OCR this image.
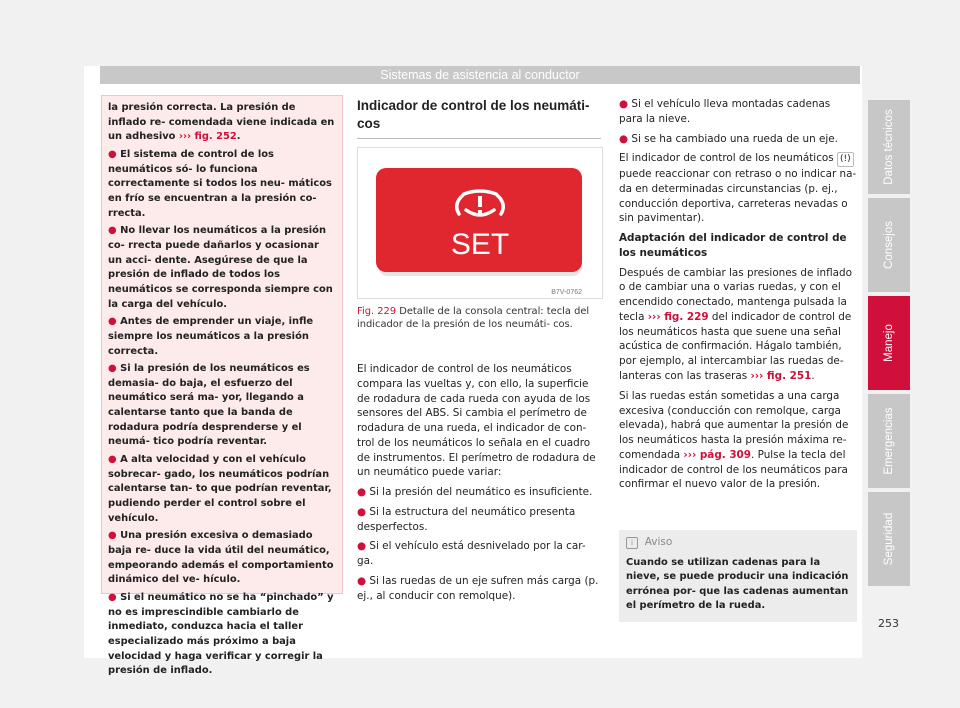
Sistemas de asistencia al conductor

la presión correcta. La presión de inflado re- comendada viene indicada en un adhesivo ››› fig. 252.

● El sistema de control de los neumáticos só- lo funciona correctamente si todos los neu- máticos en frío se encuentran a la presión co- rrecta.

● No llevar los neumáticos a la presión co- rrecta puede dañarlos y ocasionar un acci- dente. Asegúrese de que la presión de inflado de todos los neumáticos se corresponda siempre con la carga del vehículo.

● Antes de emprender un viaje, infle siempre los neumáticos a la presión correcta.

● Si la presión de los neumáticos es demasia- do baja, el esfuerzo del neumático será ma- yor, llegando a calentarse tanto que la banda de rodadura podría desprenderse y el neumá- tico podría reventar.

● A alta velocidad y con el vehículo sobrecar- gado, los neumáticos podrían calentarse tan- to que podrían reventar, pudiendo perder el control sobre el vehículo.

● Una presión excesiva o demasiado baja re- duce la vida útil del neumático, empeorando además el comportamiento dinámico del ve- hículo.

● Si el neumático no se ha “pinchado” y no es imprescindible cambiarlo de inmediato, conduzca hacia el taller especializado más próximo a baja velocidad y haga verificar y corregir la presión de inflado.

Indicador de control de los neumáti- cos

SET
B7V-0762
Fig. 229 Detalle de la consola central: tecla del indicador de la presión de los neumáti- cos.

El indicador de control de los neumáticos compara las vueltas y, con ello, la superficie de rodadura de cada rueda con ayuda de los sensores del ABS. Si cambia el perímetro de rodadura de una rueda, el indicador de con- trol de los neumáticos lo señala en el cuadro de instrumentos. El perímetro de rodadura de un neumático puede variar:

● Si la presión del neumático es insuficiente.

● Si la estructura del neumático presenta desperfectos.

● Si el vehículo está desnivelado por la car- ga.

● Si las ruedas de un eje sufren más carga (p. ej., al conducir con remolque).

● Si el vehículo lleva montadas cadenas para la nieve.

● Si se ha cambiado una rueda de un eje.

El indicador de control de los neumáticos (!) puede reaccionar con retraso o no indicar na- da en determinadas circunstancias (p. ej., conducción deportiva, carreteras nevadas o sin pavimentar).

Adaptación del indicador de control de los neumáticos

Después de cambiar las presiones de inflado o de cambiar una o varias ruedas, y con el encendido conectado, mantenga pulsada la tecla ››› fig. 229 del indicador de control de los neumáticos hasta que suene una señal acústica de confirmación. Hágalo también, por ejemplo, al intercambiar las ruedas de- lanteras con las traseras ››› fig. 251.

Si las ruedas están sometidas a una carga excesiva (conducción con remolque, carga elevada), habrá que aumentar la presión de los neumáticos hasta la presión máxima re- comendada ››› pág. 309. Pulse la tecla del indicador de control de los neumáticos para confirmar el nuevo valor de la presión.

i Aviso
Cuando se utilizan cadenas para la nieve, se puede producir una indicación errónea por- que las cadenas aumentan el perímetro de la rueda.
Datos técnicos
Consejos
Manejo
Emergencias
Seguridad
253
